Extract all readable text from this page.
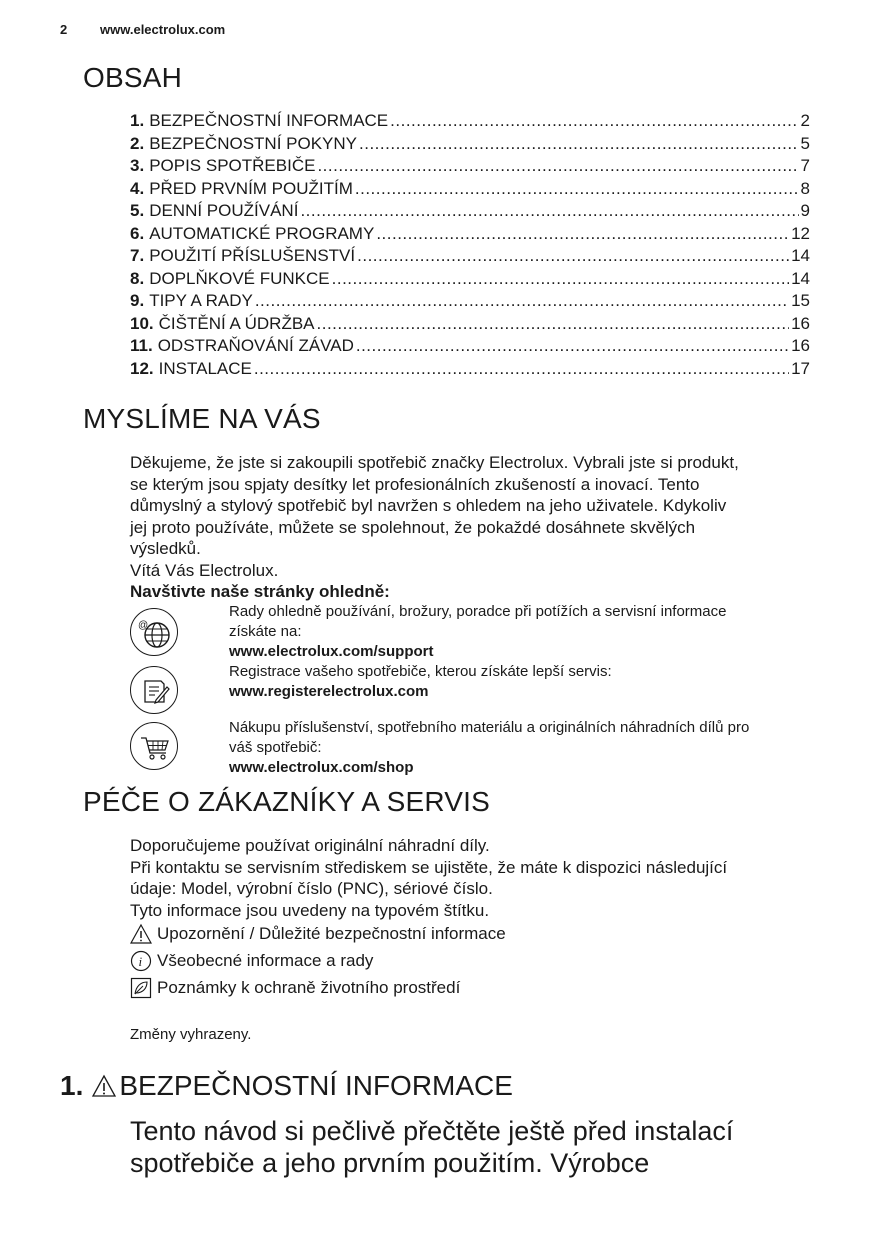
2	www.electrolux.com
OBSAH
1. BEZPEČNOSTNÍ INFORMACE .....	2
2. BEZPEČNOSTNÍ POKYNY .....	5
3. POPIS SPOTŘEBIČE .....	7
4. PŘED PRVNÍM POUŽITÍM .....	8
5. DENNÍ POUŽÍVÁNÍ .....	9
6. AUTOMATICKÉ PROGRAMY .....	12
7. POUŽITÍ PŘÍSLUŠENSTVÍ .....	14
8. DOPLŇKOVÉ FUNKCE .....	14
9. TIPY A RADY .....	15
10. ČIŠTĚNÍ A ÚDRŽBA .....	16
11. ODSTRAŇOVÁNÍ ZÁVAD .....	16
12. INSTALACE .....	17
MYSLÍME NA VÁS

Děkujeme, že jste si zakoupili spotřebič značky Electrolux. Vybrali jste si produkt,

se kterým jsou spjaty desítky let profesionálních zkušeností a inovací. Tento

důmyslný a stylový spotřebič byl navržen s ohledem na jeho uživatele. Kdykoliv

jej proto používáte, můžete se spolehnout, že pokaždé dosáhnete skvělých

výsledků.

Vítá Vás Electrolux.

Navštivte naše stránky ohledně:

@

Rady ohledně používání, brožury, poradce při potížích a servisní informace

získáte na:

www.electrolux.com/support

Registrace vašeho spotřebiče, kterou získáte lepší servis:

www.registerelectrolux.com

Nákupu příslušenství, spotřebního materiálu a originálních náhradních dílů pro

váš spotřebič:

www.electrolux.com/shop

PÉČE O ZÁKAZNÍKY A SERVIS

Doporučujeme používat originální náhradní díly.

Při kontaktu se servisním střediskem se ujistěte, že máte k dispozici následující

údaje: Model, výrobní číslo (PNC), sériové číslo.

Tyto informace jsou uvedeny na typovém štítku.

Upozornění / Důležité bezpečnostní informace
i Všeobecné informace a rady
Poznámky k ochraně životního prostředí

Změny vyhrazeny.

1. BEZPEČNOSTNÍ INFORMACE
Tento návod si pečlivě přečtěte ještě před instalací
spotřebiče a jeho prvním použitím. Výrobce
